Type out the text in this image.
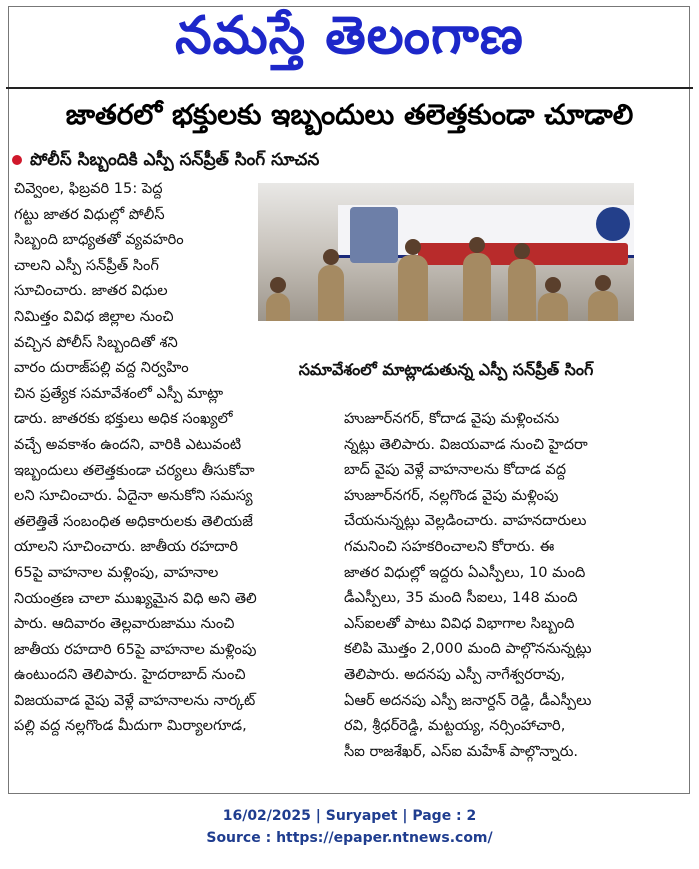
నమస్తే తెలంగాణ
జాతరలో భక్తులకు ఇబ్బందులు తలెత్తకుండా చూడాలి
పోలీస్ సిబ్బందికి ఎస్పీ సన్‌ప్రీత్ సింగ్ సూచన
చివ్వెంల, ఫిబ్రవరి 15: పెద్ద
గట్టు జాతర విధుల్లో పోలీస్
సిబ్బంది బాధ్యతతో వ్యవహరిం
చాలని ఎస్పీ సన్‌ప్రీత్ సింగ్
సూచించారు. జాతర విధుల
నిమిత్తం వివిధ జిల్లాల నుంచి
వచ్చిన పోలీస్ సిబ్బందితో శని
వారం దురాజ్‌పల్లి వద్ద నిర్వహిం
చిన ప్రత్యేక సమావేశంలో ఎస్పీ మాట్లా
డారు. జాతరకు భక్తులు అధిక సంఖ్యలో
వచ్చే అవకాశం ఉందని, వారికి ఎటువంటి
ఇబ్బందులు తలెత్తకుండా చర్యలు తీసుకోవా
లని సూచించారు. ఏదైనా అనుకోని సమస్య
తలెత్తితే సంబంధిత అధికారులకు తెలియజే
యాలని సూచించారు. జాతీయ రహదారి
65పై వాహనాల మళ్లింపు, వాహనాల
నియంత్రణ చాలా ముఖ్యమైన విధి అని తెలి
పారు. ఆదివారం తెల్లవారుజాము నుంచి
జాతీయ రహదారి 65పై వాహనాల మళ్లింపు
ఉంటుందని తెలిపారు. హైదరాబాద్ నుంచి
విజయవాడ వైపు వెళ్లే వాహనాలను నార్కట్
పల్లి వద్ద నల్లగొండ మీదుగా మిర్యాలగూడ,
సమావేశంలో మాట్లాడుతున్న ఎస్పీ సన్‌ప్రీత్ సింగ్
హుజూర్‌నగర్, కోదాడ వైపు మళ్లించను
న్నట్లు తెలిపారు. విజయవాడ నుంచి హైదరా
బాద్ వైపు వెళ్లే వాహనాలను కోదాడ వద్ద
హుజూర్‌నగర్, నల్లగొండ వైపు మళ్లింపు
చేయనున్నట్లు వెల్లడించారు. వాహనదారులు
గమనించి సహకరించాలని కోరారు. ఈ
జాతర విధుల్లో ఇద్దరు ఏఎస్పీలు, 10 మంది
డీఎస్పీలు, 35 మంది సీఐలు, 148 మంది
ఎస్ఐలతో పాటు వివిధ విభాగాల సిబ్బంది
కలిపి మొత్తం 2,000 మంది పాల్గొననున్నట్లు
తెలిపారు. అదనపు ఎస్పీ నాగేశ్వరరావు,
ఏఆర్ అదనపు ఎస్పీ జనార్దన్ రెడ్డి, డీఎస్పీలు
రవి, శ్రీధర్‌రెడ్డి, మట్టయ్య, నర్సింహాచారి,
సీఐ రాజశేఖర్, ఎస్ఐ మహేశ్ పాల్గొన్నారు.
16/02/2025 | Suryapet | Page : 2
Source : https://epaper.ntnews.com/
